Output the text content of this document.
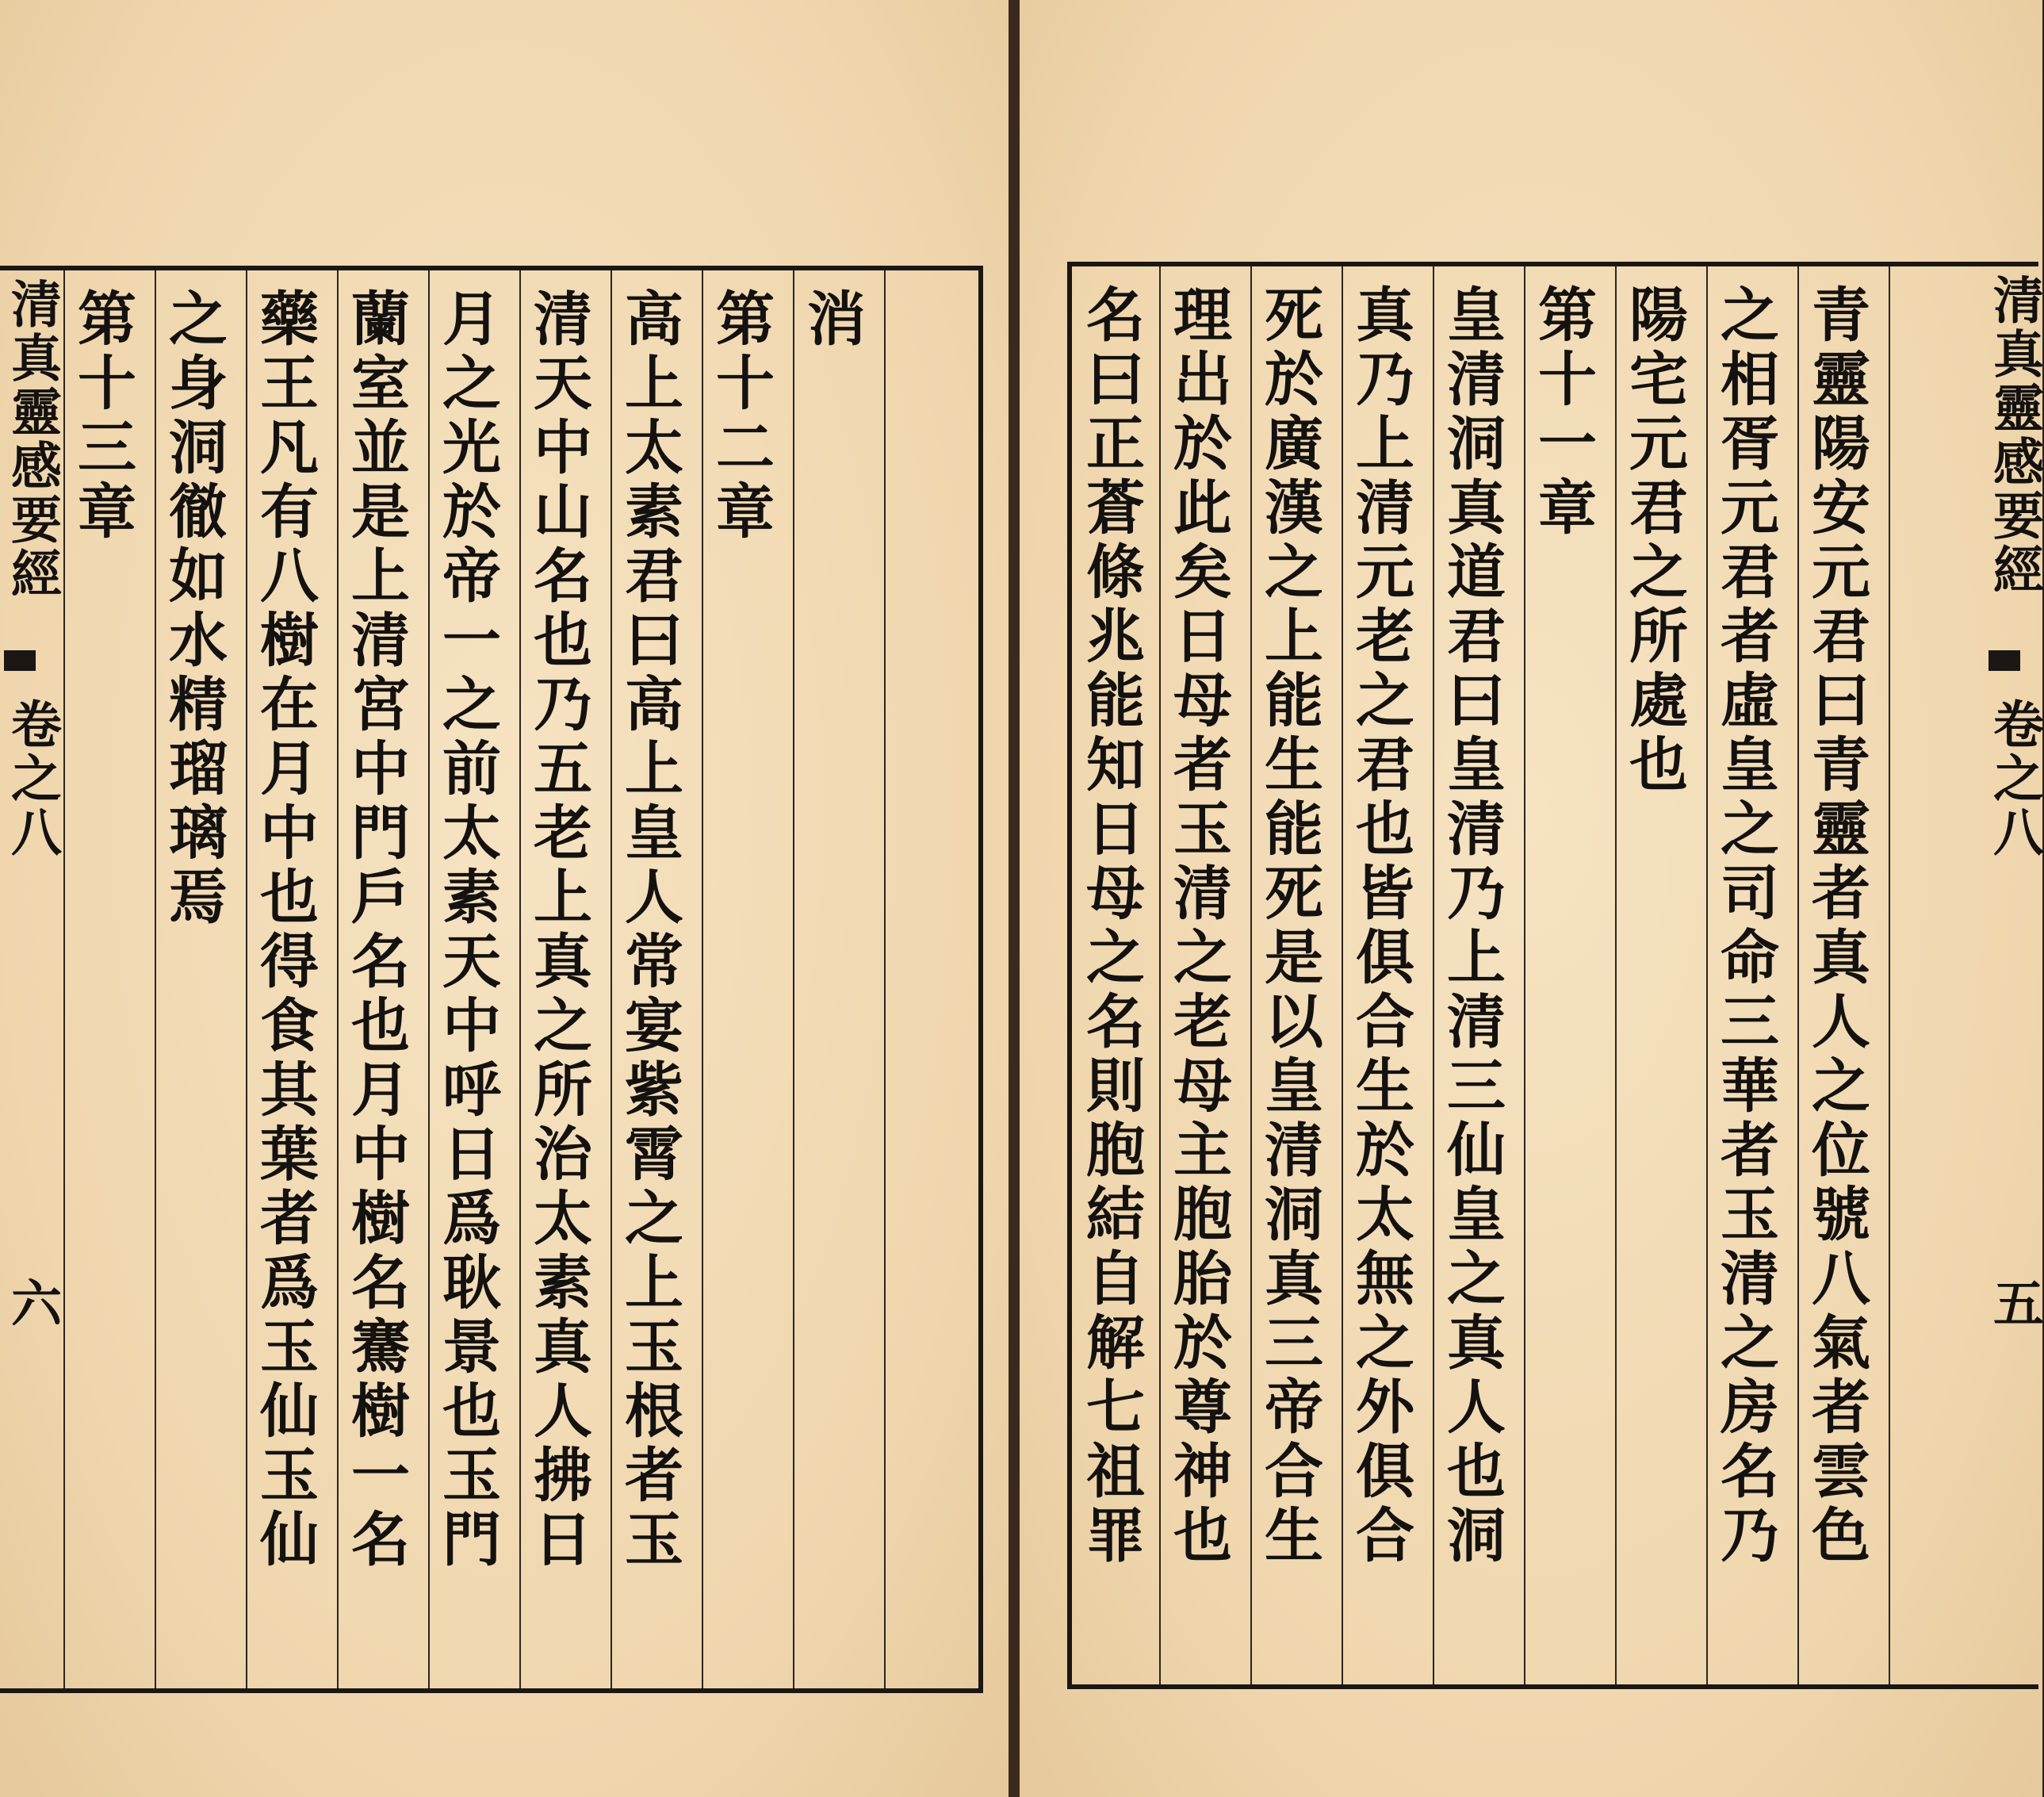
清真靈感要經
卷之八
六
第十三章 之身洞徹如水精瑠璃焉 藥王凡有八樹在月中也得食其葉者爲玉仙玉仙 蘭室並是上清宮中門戶名也月中樹名騫樹一名 月之光於帝一之前太素天中呼日爲耿景也玉門 清天中山名也乃五老上真之所治太素真人拂日 高上太素君曰高上皇人常宴紫霄之上玉根者玉 第十二章 消	名曰正蒼條兆能知日母之名則胞結自解七祖罪 理出於此矣日母者玉清之老母主胞胎於尊神也 死於廣漢之上能生能死是以皇清洞真三帝合生 真乃上清元老之君也皆俱合生於太無之外俱合 皇清洞真道君曰皇清乃上清三仙皇之真人也洞 第十一章 陽宅元君之所處也 之相胥元君者虛皇之司命三華者玉清之房名乃 青靈陽安元君曰青靈者真人之位號八氣者雲色 清真靈感要經
卷之八
五
